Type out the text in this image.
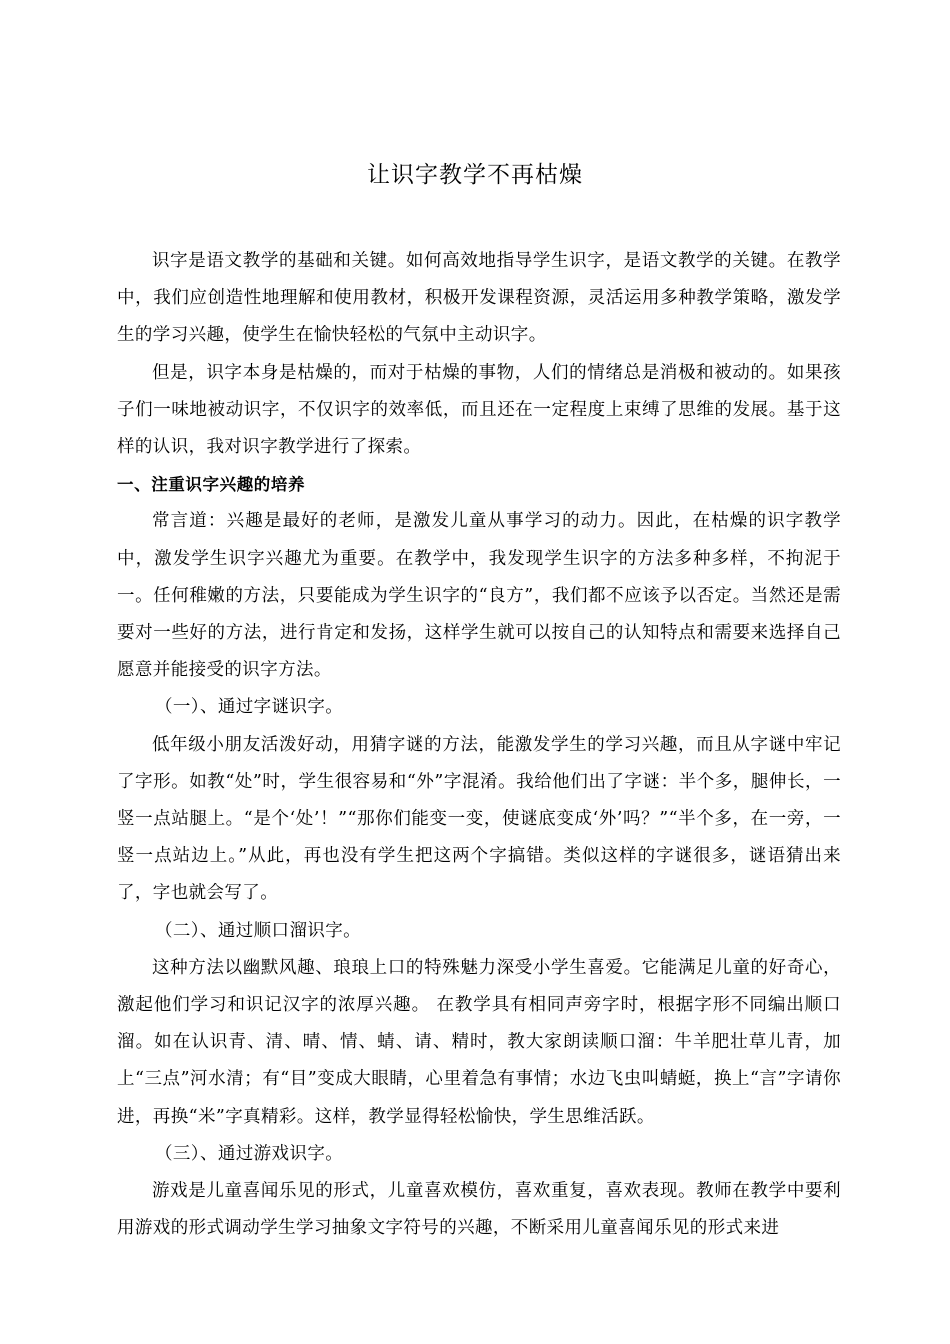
让识字教学不再枯燥

识字是语文教学的基础和关键。如何高效地指导学生识字，是语文教学的关键。在教学中，我们应创造性地理解和使用教材，积极开发课程资源，灵活运用多种教学策略，激发学生的学习兴趣，使学生在愉快轻松的气氛中主动识字。

但是，识字本身是枯燥的，而对于枯燥的事物，人们的情绪总是消极和被动的。如果孩子们一味地被动识字，不仅识字的效率低，而且还在一定程度上束缚了思维的发展。基于这样的认识，我对识字教学进行了探索。

一、注重识字兴趣的培养

常言道：兴趣是最好的老师，是激发儿童从事学习的动力。因此，在枯燥的识字教学中，激发学生识字兴趣尤为重要。在教学中，我发现学生识字的方法多种多样，不拘泥于一。任何稚嫩的方法，只要能成为学生识字的“良方”，我们都不应该予以否定。当然还是需要对一些好的方法，进行肯定和发扬，这样学生就可以按自己的认知特点和需要来选择自己愿意并能接受的识字方法。

（一）、通过字谜识字。

低年级小朋友活泼好动，用猜字谜的方法，能激发学生的学习兴趣，而且从字谜中牢记了字形。如教“处”时，学生很容易和“外”字混淆。我给他们出了字谜：半个多，腿伸长，一竖一点站腿上。“是个‘处’！”“那你们能变一变，使谜底变成‘外’吗？”“半个多，在一旁，一竖一点站边上。”从此，再也没有学生把这两个字搞错。类似这样的字谜很多，谜语猜出来了，字也就会写了。

（二）、通过顺口溜识字。

这种方法以幽默风趣、琅琅上口的特殊魅力深受小学生喜爱。它能满足儿童的好奇心，激起他们学习和识记汉字的浓厚兴趣。 在教学具有相同声旁字时，根据字形不同编出顺口溜。如在认识青、清、晴、情、蜻、请、精时，教大家朗读顺口溜：牛羊肥壮草儿青，加上“三点”河水清；有“目”变成大眼睛，心里着急有事情；水边飞虫叫蜻蜓，换上“言”字请你进，再换“米”字真精彩。这样，教学显得轻松愉快，学生思维活跃。

（三）、通过游戏识字。

游戏是儿童喜闻乐见的形式，儿童喜欢模仿，喜欢重复，喜欢表现。教师在教学中要利用游戏的形式调动学生学习抽象文字符号的兴趣，不断采用儿童喜闻乐见的形式来进
